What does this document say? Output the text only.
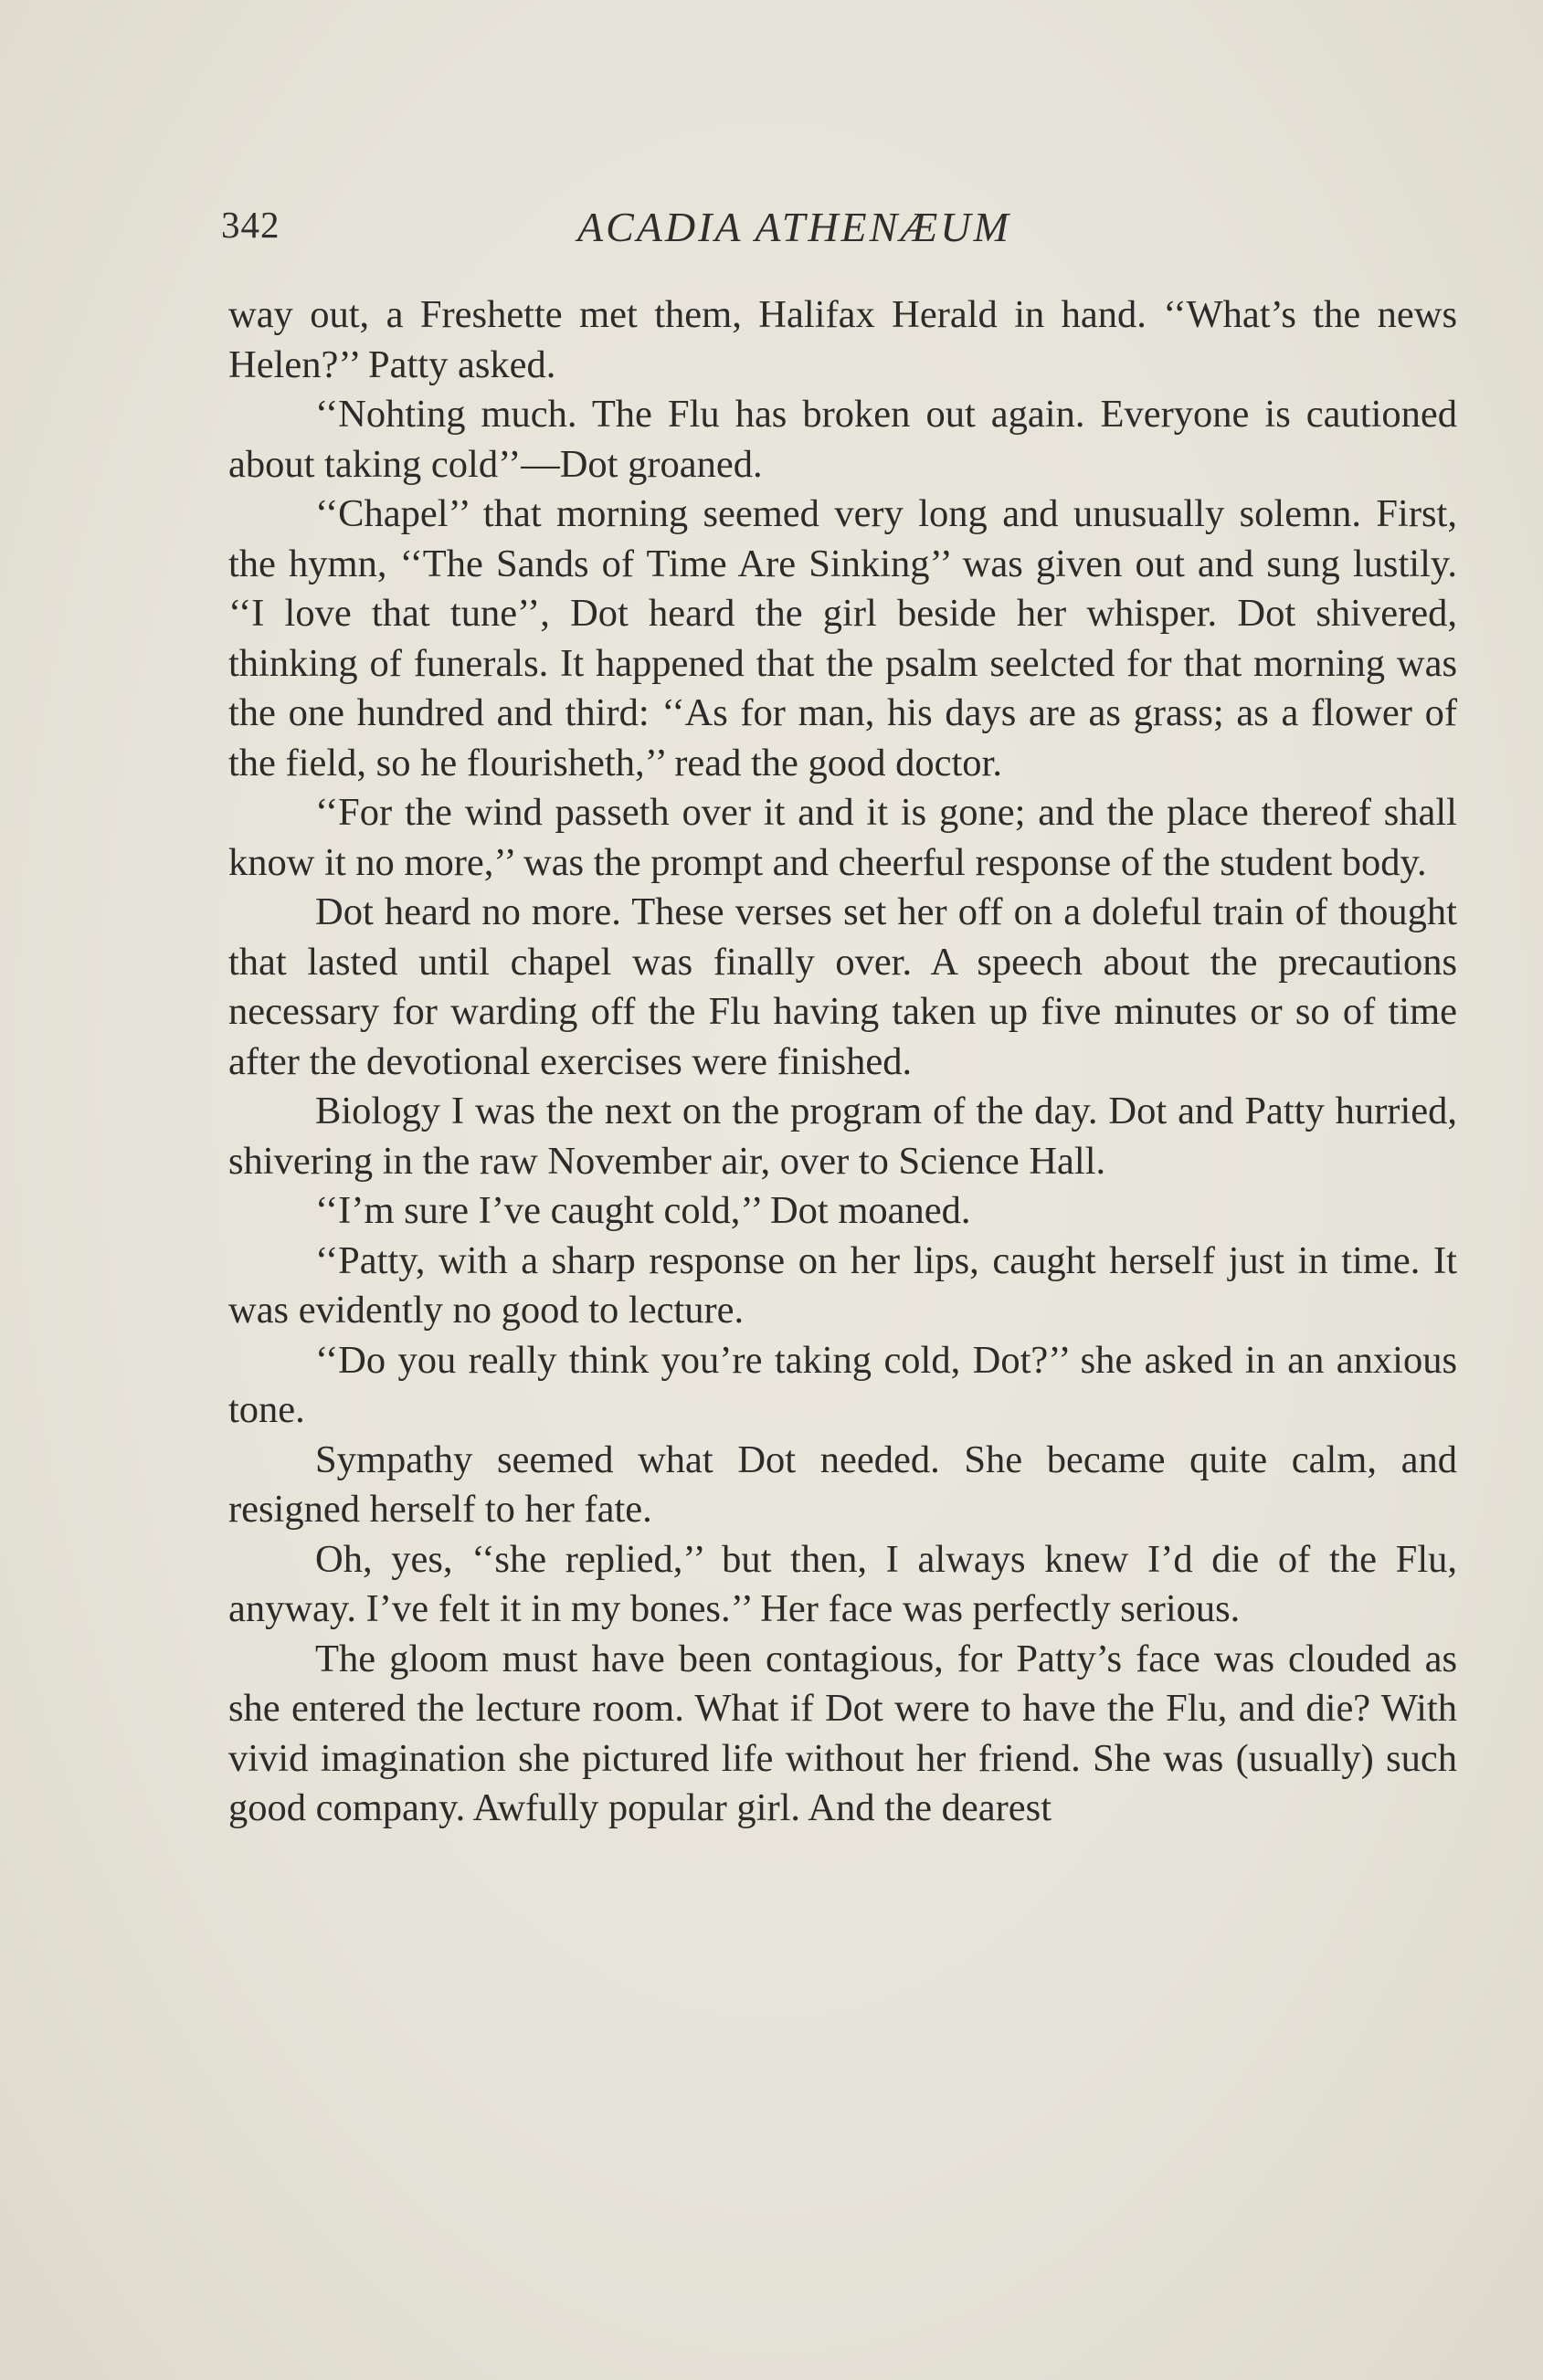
342	ACADIA ATHENÆUM

way out, a Freshette met them, Halifax Herald in hand. ‘‘What’s the news Helen?’’ Patty asked.

‘‘Nohting much. The Flu has broken out again. Everyone is cautioned about taking cold’’—Dot groaned.

‘‘Chapel’’ that morning seemed very long and unusually solemn. First, the hymn, ‘‘The Sands of Time Are Sinking’’ was given out and sung lustily. ‘‘I love that tune’’, Dot heard the girl beside her whisper. Dot shivered, thinking of funerals. It happened that the psalm seelcted for that morning was the one hundred and third: ‘‘As for man, his days are as grass; as a flower of the field, so he flourisheth,’’ read the good doctor.

‘‘For the wind passeth over it and it is gone; and the place thereof shall know it no more,’’ was the prompt and cheerful response of the student body.

Dot heard no more. These verses set her off on a doleful train of thought that lasted until chapel was finally over. A speech about the precautions necessary for warding off the Flu having taken up five minutes or so of time after the devotional exercises were finished.

Biology I was the next on the program of the day. Dot and Patty hurried, shivering in the raw November air, over to Science Hall.

‘‘I’m sure I’ve caught cold,’’ Dot moaned.

‘‘Patty, with a sharp response on her lips, caught herself just in time. It was evidently no good to lecture.

‘‘Do you really think you’re taking cold, Dot?’’ she asked in an anxious tone.

Sympathy seemed what Dot needed. She became quite calm, and resigned herself to her fate.

Oh, yes, ‘‘she replied,’’ but then, I always knew I’d die of the Flu, anyway. I’ve felt it in my bones.’’ Her face was perfectly serious.

The gloom must have been contagious, for Patty’s face was clouded as she entered the lecture room. What if Dot were to have the Flu, and die? With vivid imagination she pictured life without her friend. She was (usually) such good company. Awfully popular girl. And the dearest
